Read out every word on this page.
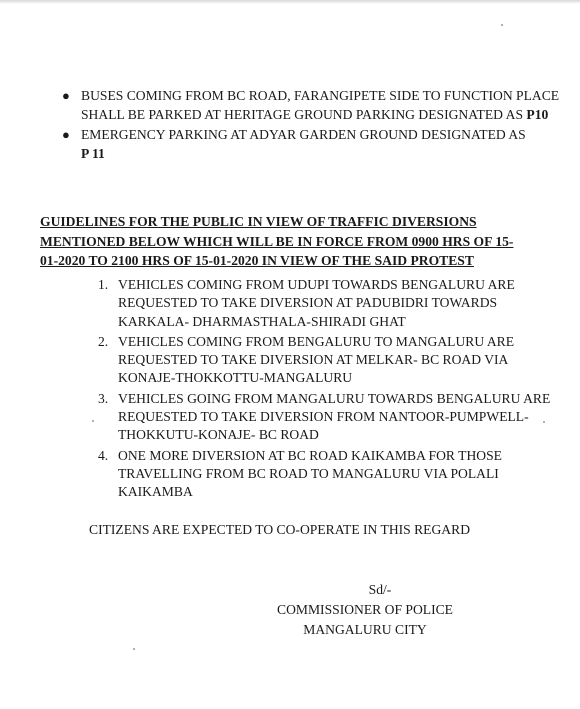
● BUSES COMING FROM BC ROAD, FARANGIPETE SIDE TO FUNCTION PLACE SHALL BE PARKED AT HERITAGE GROUND PARKING DESIGNATED AS P10
● EMERGENCY PARKING AT ADYAR GARDEN GROUND DESIGNATED AS
P 11
GUIDELINES FOR THE PUBLIC IN VIEW OF TRAFFIC DIVERSIONS
MENTIONED BELOW WHICH WILL BE IN FORCE FROM 0900 HRS OF 15-
01-2020 TO 2100 HRS OF 15-01-2020 IN VIEW OF THE SAID PROTEST
1. VEHICLES COMING FROM UDUPI TOWARDS BENGALURU ARE REQUESTED TO TAKE DIVERSION AT PADUBIDRI TOWARDS KARKALA- DHARMASTHALA-SHIRADI GHAT
2. VEHICLES COMING FROM BENGALURU TO MANGALURU ARE REQUESTED TO TAKE DIVERSION AT MELKAR- BC ROAD VIA KONAJE-THOKKOTTU-MANGALURU
3. VEHICLES GOING FROM MANGALURU TOWARDS BENGALURU ARE REQUESTED TO TAKE DIVERSION FROM NANTOOR-PUMPWELL-THOKKUTU-KONAJE- BC ROAD
4. ONE MORE DIVERSION AT BC ROAD KAIKAMBA FOR THOSE TRAVELLING FROM BC ROAD TO MANGALURU VIA POLALI KAIKAMBA
CITIZENS ARE EXPECTED TO CO-OPERATE IN THIS REGARD
Sd/-
COMMISSIONER OF POLICE
MANGALURU CITY
